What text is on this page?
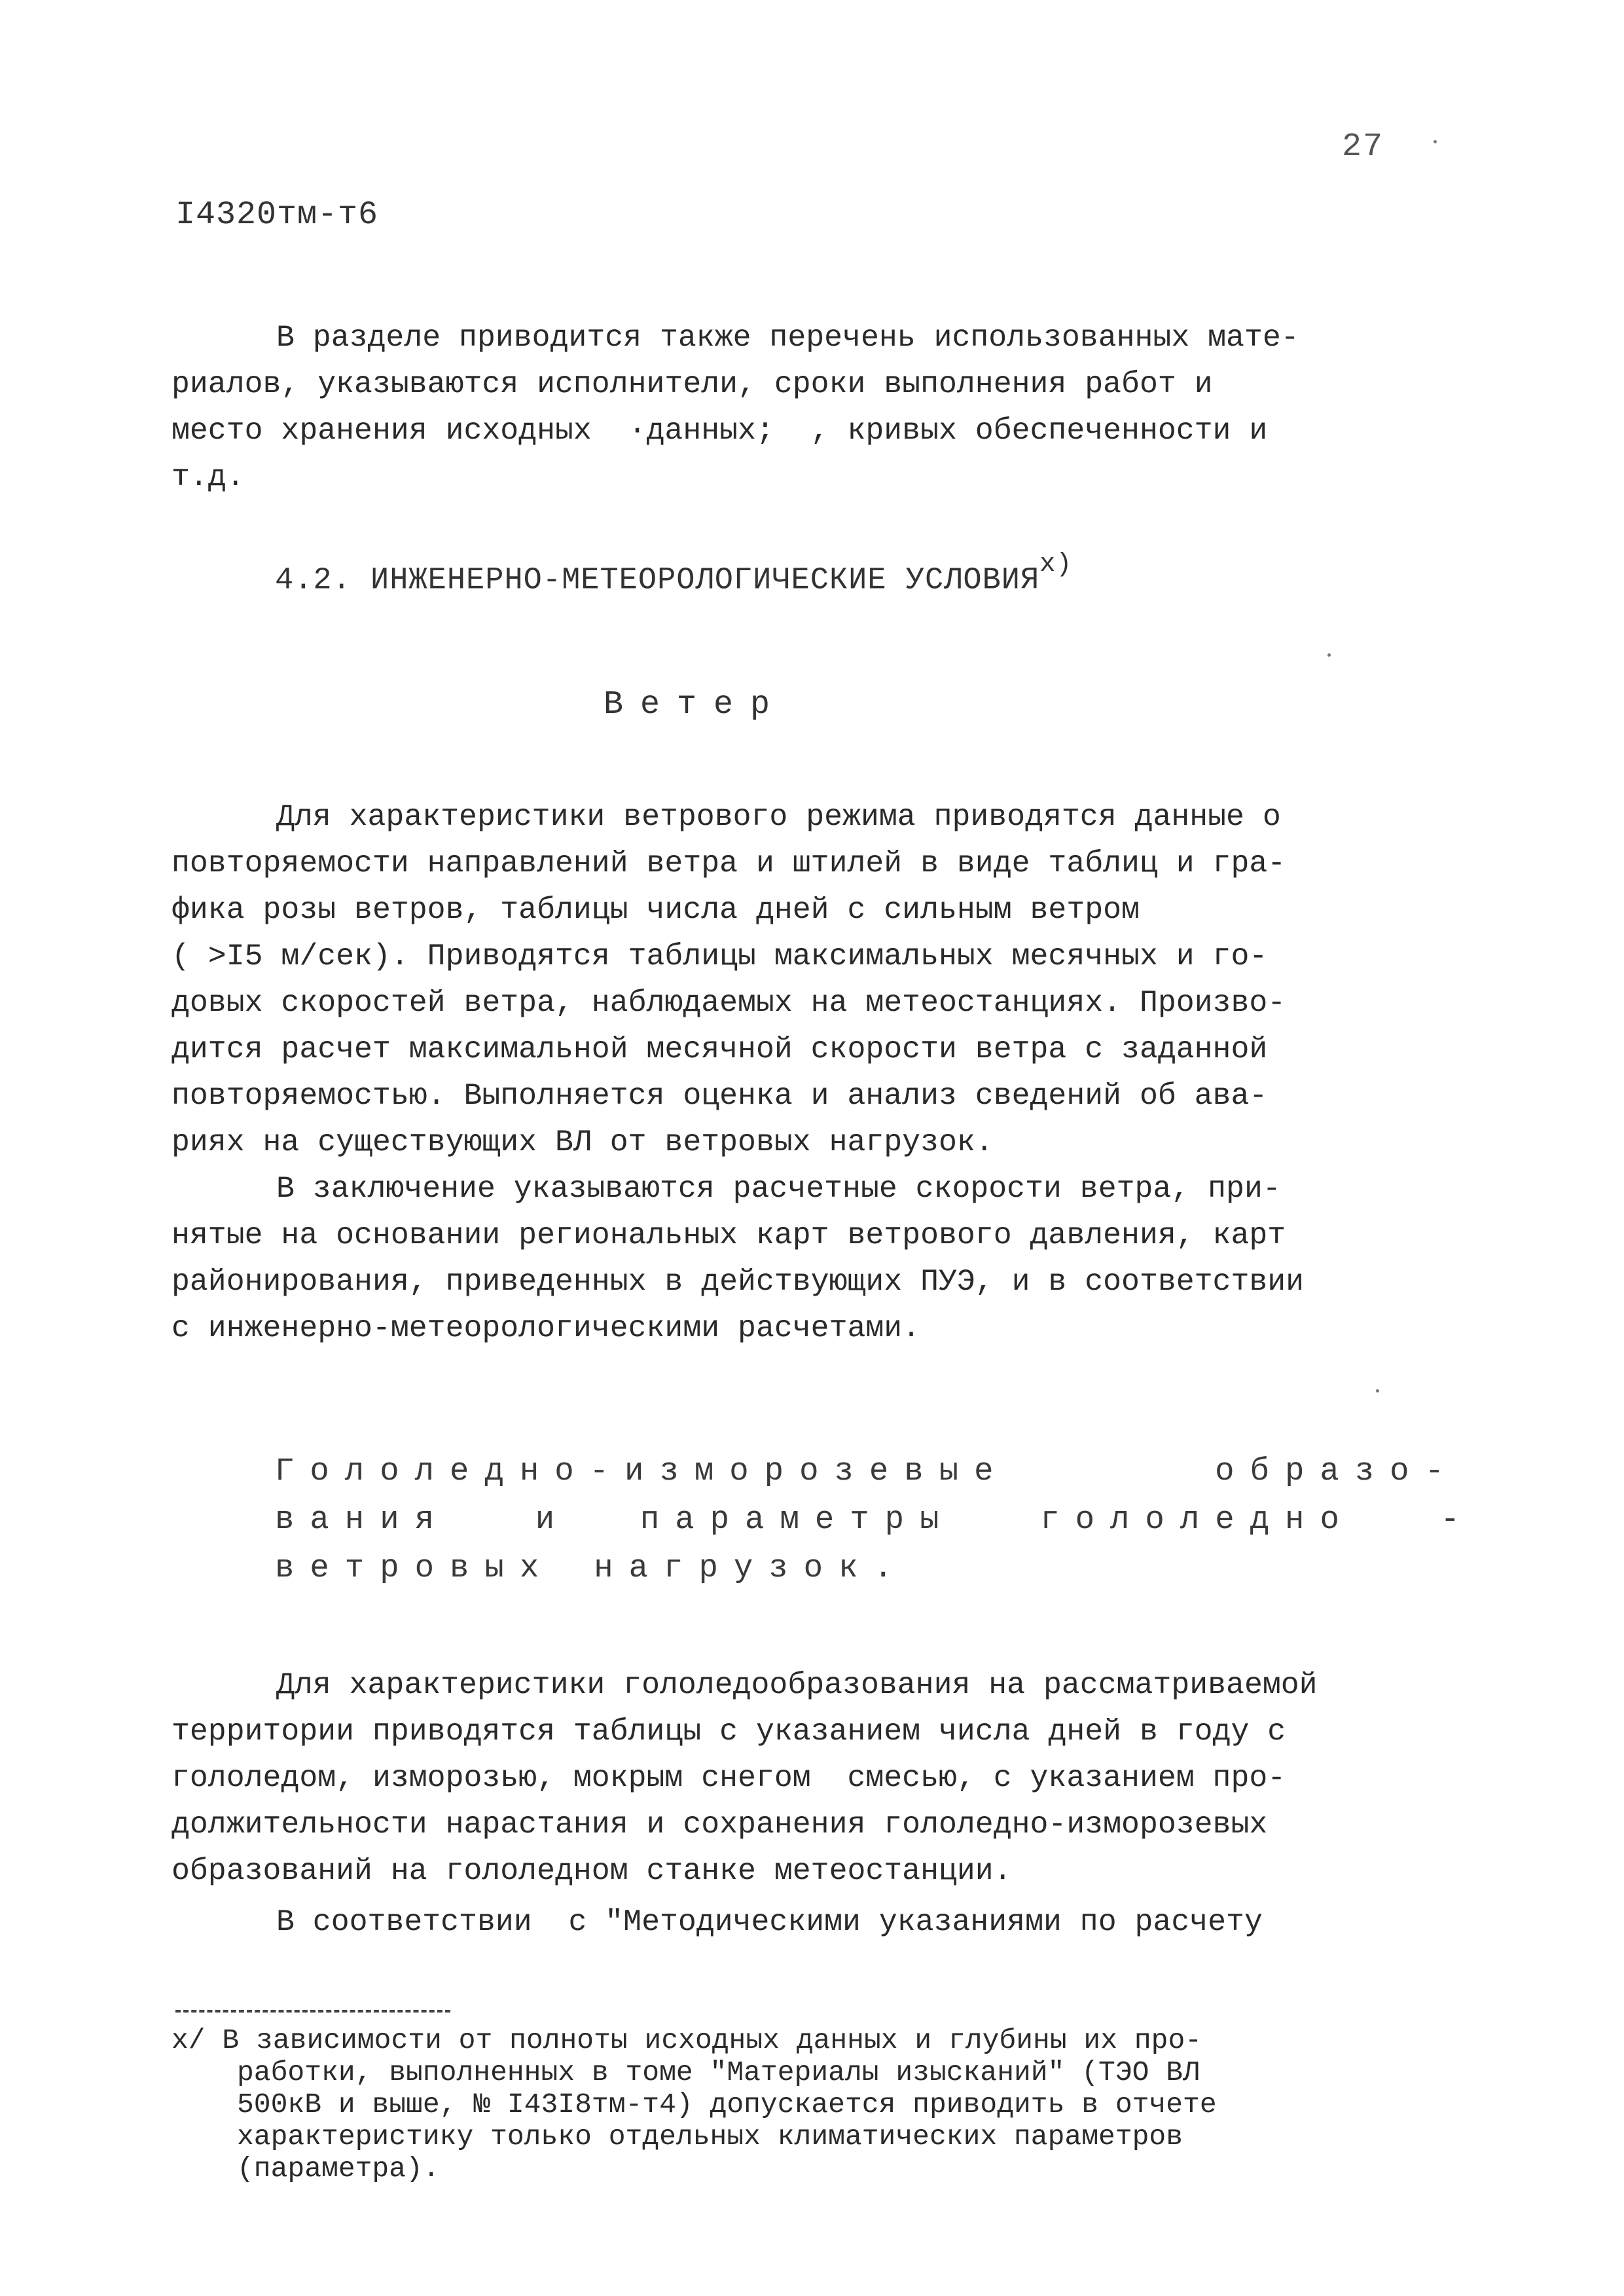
27
I4320тм-т6
В разделе приводится также перечень использованных мате-
риалов, указываются исполнители, сроки выполнения работ и
место хранения исходных  ·данных;  , кривых обеспеченности и
т.д.
4.2. ИНЖЕНЕРНО-МЕТЕОРОЛОГИЧЕСКИЕ УСЛОВИЯ$^{x)}$
Ветер
Для характеристики ветрового режима приводятся данные о
повторяемости направлений ветра и штилей в виде таблиц и гра-
фика розы ветров, таблицы числа дней с сильным ветром
( >I5 м/сек). Приводятся таблицы максимальных месячных и го-
довых скоростей ветра, наблюдаемых на метеостанциях. Произво-
дится расчет максимальной месячной скорости ветра с заданной
повторяемостью. Выполняется оценка и анализ сведений об ава-
риях на существующих ВЛ от ветровых нагрузок.
В заключение указываются расчетные скорости ветра, при-
нятые на основании региональных карт ветрового давления, карт
районирования, приведенных в действующих ПУЭ, и в соответствии
с инженерно-метеорологическими расчетами.
Гололедно-изморозевые	образо-
вания	и	параметры	гололедно	-
ветровых нагрузок.
Для характеристики гололедообразования на рассматриваемой
территории приводятся таблицы с указанием числа дней в году с
гололедом, изморозью, мокрым снегом  смесью, с указанием про-
должительности нарастания и сохранения гололедно-изморозевых
образований на гололедном станке метеостанции.
В соответствии  с "Методическими указаниями по расчету
x/ В зависимости от полноты исходных данных и глубины их про-
работки, выполненных в томе "Материалы изысканий" (ТЭО ВЛ
500кВ и выше, № I43I8тм-т4) допускается приводить в отчете
характеристику только отдельных климатических параметров
(параметра).
